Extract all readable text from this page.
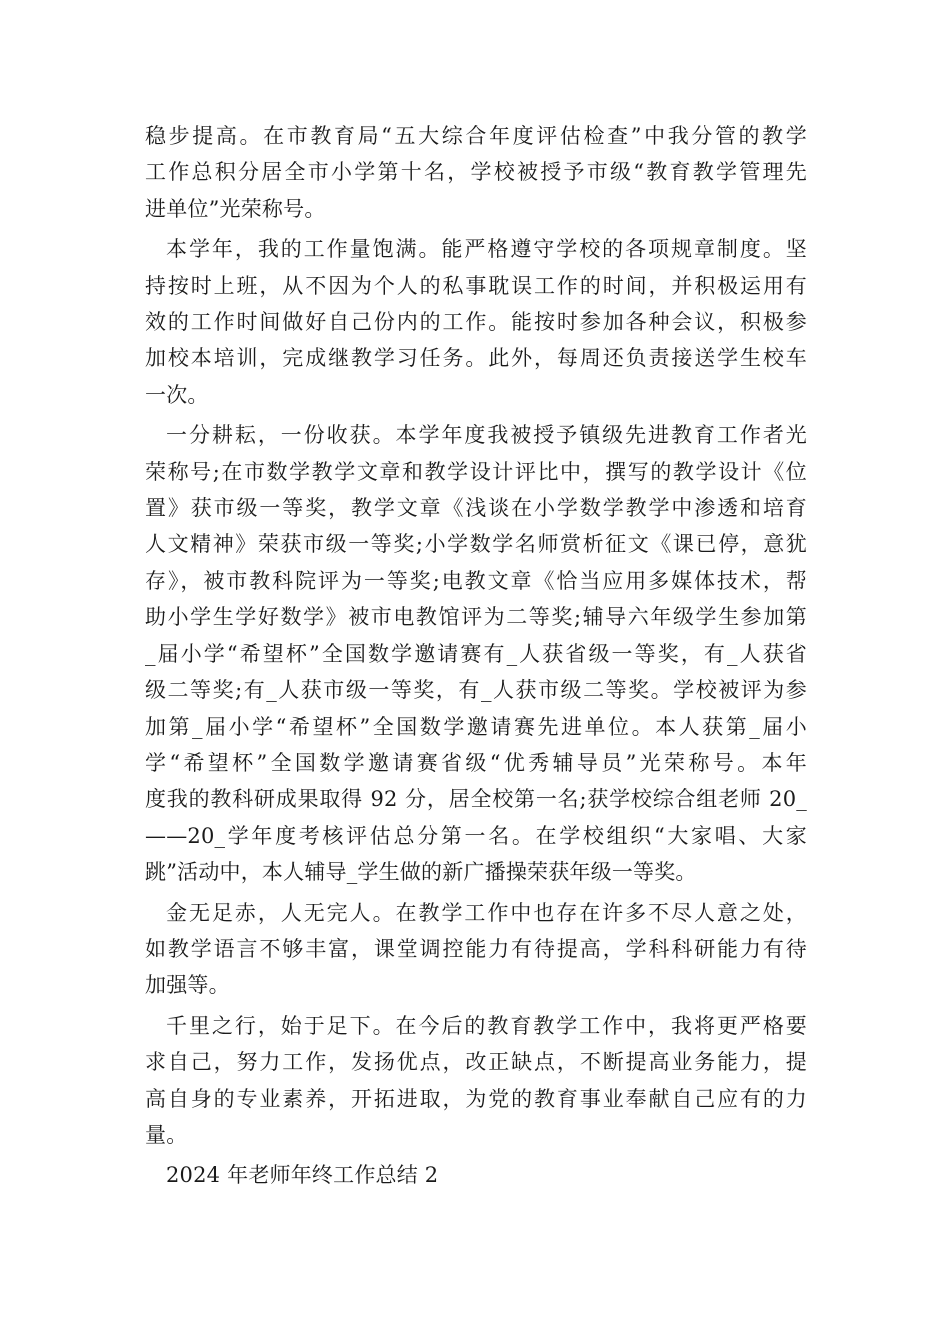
稳步提高。在市教育局“五大综合年度评估检查”中我分管的教学
工作总积分居全市小学第十名，学校被授予市级“教育教学管理先
进单位”光荣称号。
本学年，我的工作量饱满。能严格遵守学校的各项规章制度。坚
持按时上班，从不因为个人的私事耽误工作的时间，并积极运用有
效的工作时间做好自己份内的工作。能按时参加各种会议，积极参
加校本培训，完成继教学习任务。此外，每周还负责接送学生校车
一次。
一分耕耘，一份收获。本学年度我被授予镇级先进教育工作者光
荣称号;在市数学教学文章和教学设计评比中，撰写的教学设计《位
置》获市级一等奖，教学文章《浅谈在小学数学教学中渗透和培育
人文精神》荣获市级一等奖;小学数学名师赏析征文《课已停，意犹
存》，被市教科院评为一等奖;电教文章《恰当应用多媒体技术，帮
助小学生学好数学》被市电教馆评为二等奖;辅导六年级学生参加第
_届小学“希望杯”全国数学邀请赛有_人获省级一等奖，有_人获省
级二等奖;有_人获市级一等奖，有_人获市级二等奖。学校被评为参
加第_届小学“希望杯”全国数学邀请赛先进单位。本人获第_届小
学“希望杯”全国数学邀请赛省级“优秀辅导员”光荣称号。本年
度我的教科研成果取得 92 分，居全校第一名;获学校综合组老师 20_
——20_学年度考核评估总分第一名。在学校组织“大家唱、大家
跳”活动中，本人辅导_学生做的新广播操荣获年级一等奖。
金无足赤，人无完人。在教学工作中也存在许多不尽人意之处，
如教学语言不够丰富，课堂调控能力有待提高，学科科研能力有待
加强等。
千里之行，始于足下。在今后的教育教学工作中，我将更严格要
求自己，努力工作，发扬优点，改正缺点，不断提高业务能力，提
高自身的专业素养，开拓进取，为党的教育事业奉献自己应有的力
量。
2024 年老师年终工作总结 2
